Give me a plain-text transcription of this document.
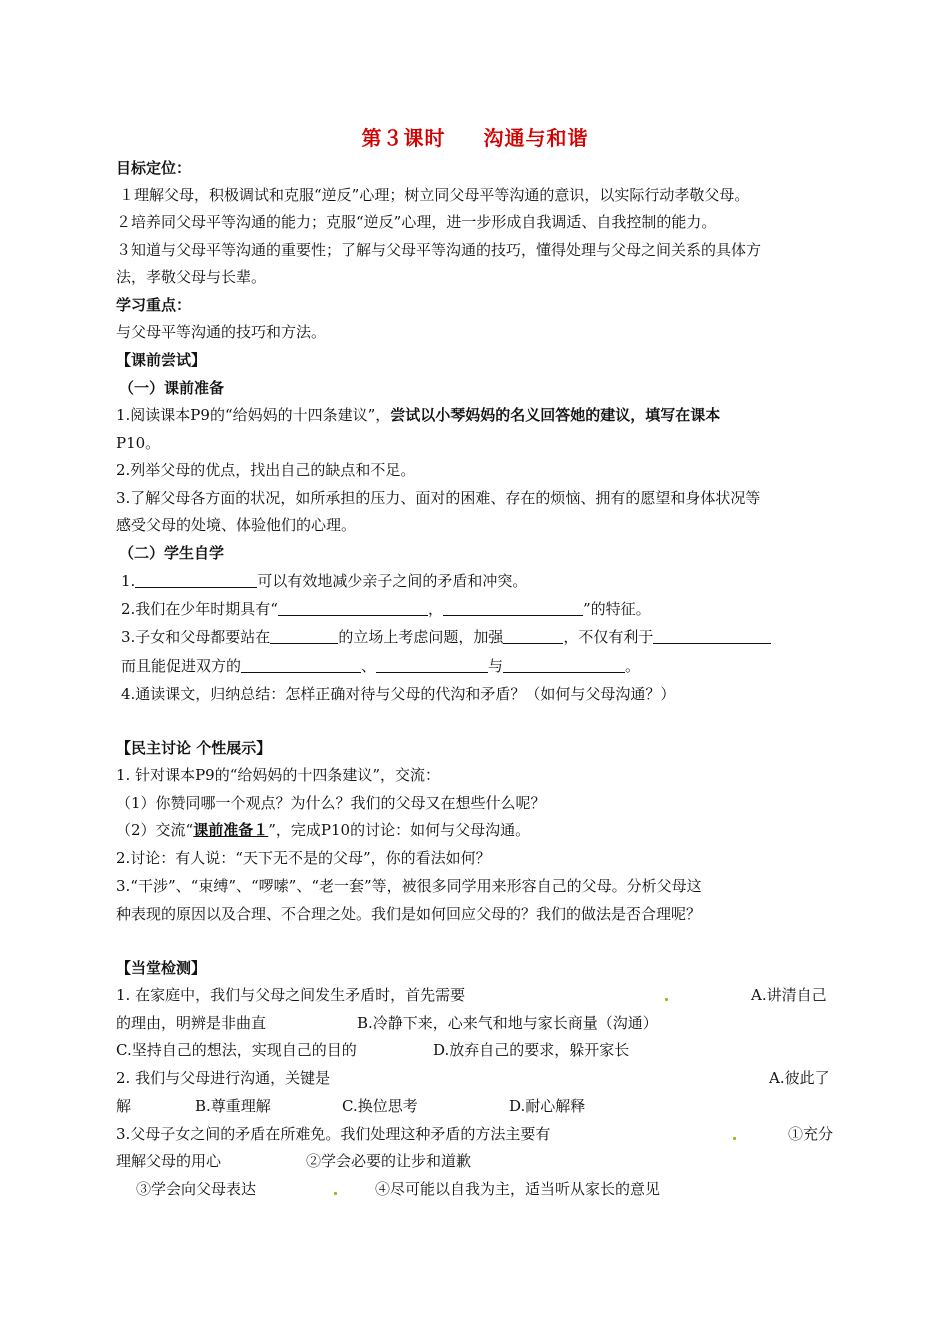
第３课时 沟通与和谐
目标定位：
１理解父母，积极调试和克服“逆反”心理；树立同父母平等沟通的意识，以实际行动孝敬父母。
２培养同父母平等沟通的能力；克服“逆反”心理，进一步形成自我调适、自我控制的能力。
３知道与父母平等沟通的重要性；了解与父母平等沟通的技巧，懂得处理与父母之间关系的具体方
法，孝敬父母与长辈。
学习重点：
与父母平等沟通的技巧和方法。
【课前尝试】
（一）课前准备
1.阅读课本P9的“给妈妈的十四条建议”，尝试以小琴妈妈的名义回答她的建议，填写在课本
P10。
2.列举父母的优点，找出自己的缺点和不足。
3.了解父母各方面的状况，如所承担的压力、面对的困难、存在的烦恼、拥有的愿望和身体状况等
感受父母的处境、体验他们的心理。
（二）学生自学
1.	可以有效地减少亲子之间的矛盾和冲突。
2.我们在少年时期具有“	，	”的特征。
3.子女和父母都要站在	的立场上考虑问题，加强	，不仅有利于
而且能促进双方的	、	与	。
4.通读课文，归纳总结：怎样正确对待与父母的代沟和矛盾？（如何与父母沟通？）
【民主讨论 个性展示】
1. 针对课本P9的“给妈妈的十四条建议”，交流：
（1）你赞同哪一个观点？为什么？我们的父母又在想些什么呢？
（2）交流“课前准备１”，完成P10的讨论：如何与父母沟通。
2.讨论：有人说：“天下无不是的父母”，你的看法如何？
3.“干涉”、“束缚”、“啰嗦”、“老一套”等，被很多同学用来形容自己的父母。分析父母这
种表现的原因以及合理、不合理之处。我们是如何回应父母的？我们的做法是否合理呢？
【当堂检测】
1. 在家庭中，我们与父母之间发生矛盾时，首先需要	A.讲清自己
的理由，明辨是非曲直	B.冷静下来，心来气和地与家长商量（沟通）
C.坚持自己的想法，实现自己的目的	D.放弃自己的要求，躲开家长
2. 我们与父母进行沟通，关键是	A.彼此了
解	B.尊重理解	C.换位思考	D.耐心解释
3.父母子女之间的矛盾在所难免。我们处理这种矛盾的方法主要有	①充分
理解父母的用心	②学会必要的让步和道歉
③学会向父母表达	④尽可能以自我为主，适当听从家长的意见
